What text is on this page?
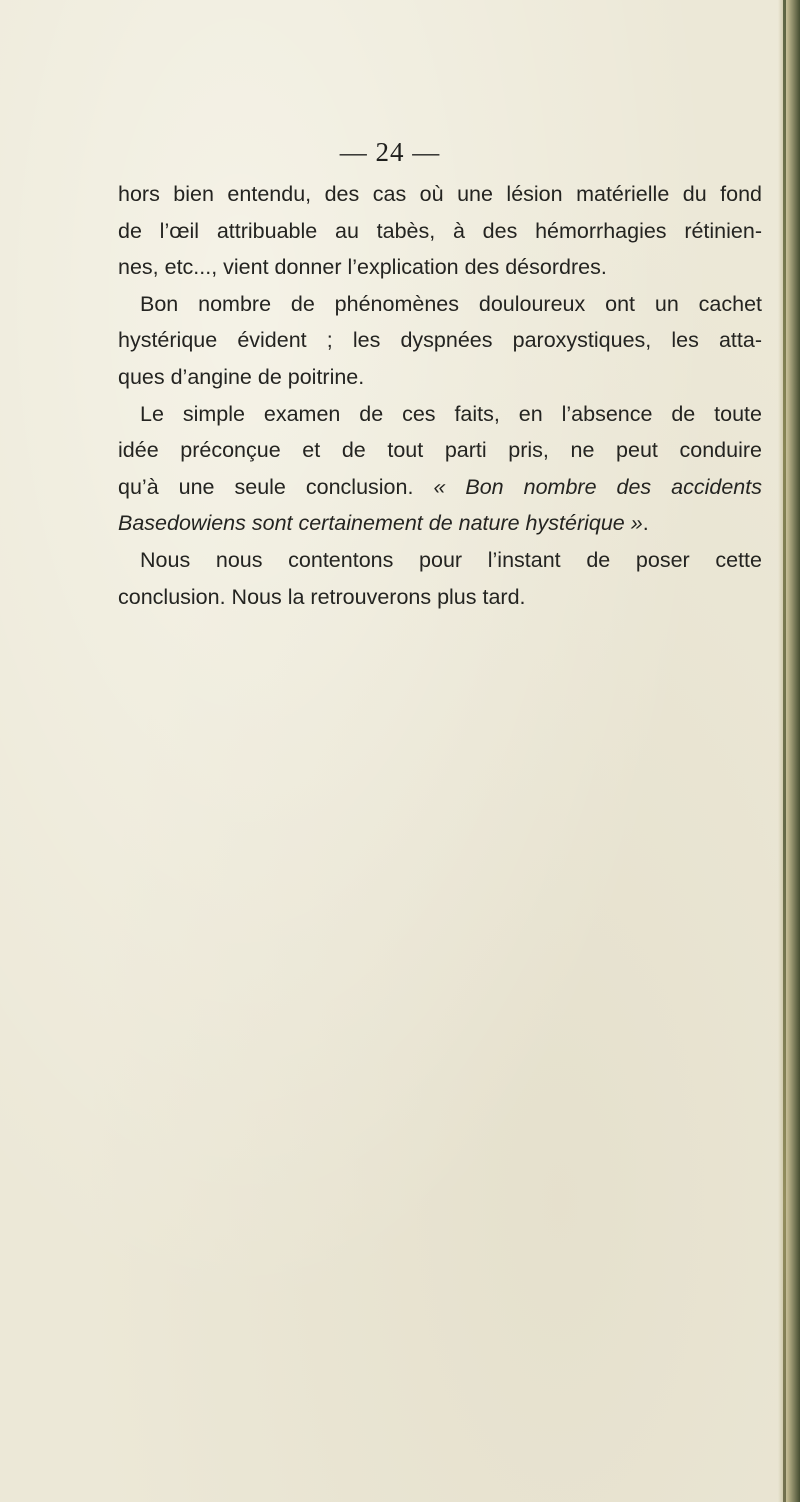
— 24 —
hors bien entendu, des cas où une lésion matérielle du fond
de l’œil attribuable au tabès, à des hémorrhagies rétinien-
nes, etc..., vient donner l’explication des désordres.
Bon nombre de phénomènes douloureux ont un cachet
hystérique évident ; les dyspnées paroxystiques, les atta-
ques d’angine de poitrine.
Le simple examen de ces faits, en l’absence de toute
idée préconçue et de tout parti pris, ne peut conduire
qu’à une seule conclusion. « Bon nombre des accidents
Basedowiens sont certainement de nature hystérique ».
Nous nous contentons pour l’instant de poser cette
conclusion. Nous la retrouverons plus tard.
